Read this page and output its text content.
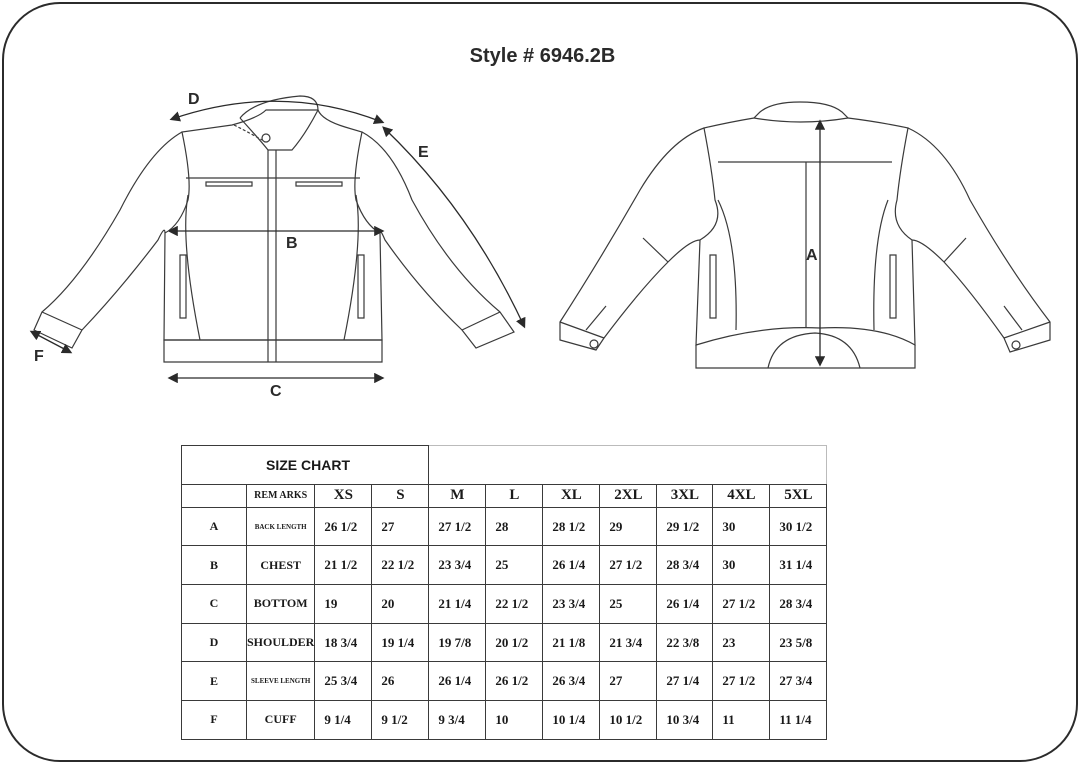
Style # 6946.2B
D
E
B
C
F
A
SIZE CHART										
	REM ARKS	XS	S	M	L	XL	2XL	3XL	4XL	5XL
A	BACK LENGTH	26 1/2	27	27 1/2	28	28 1/2	29	29 1/2	30	30 1/2
B	CHEST	21 1/2	22 1/2	23 3/4	25	26 1/4	27 1/2	28 3/4	30	31 1/4
C	BOTTOM	19	20	21 1/4	22 1/2	23 3/4	25	26 1/4	27 1/2	28 3/4
D	SHOULDER	18 3/4	19 1/4	19 7/8	20 1/2	21 1/8	21 3/4	22 3/8	23	23 5/8
E	SLEEVE LENGTH	25 3/4	26	26 1/4	26 1/2	26 3/4	27	27 1/4	27 1/2	27 3/4
F	CUFF	9 1/4	9 1/2	9 3/4	10	10 1/4	10 1/2	10 3/4	11	11 1/4
